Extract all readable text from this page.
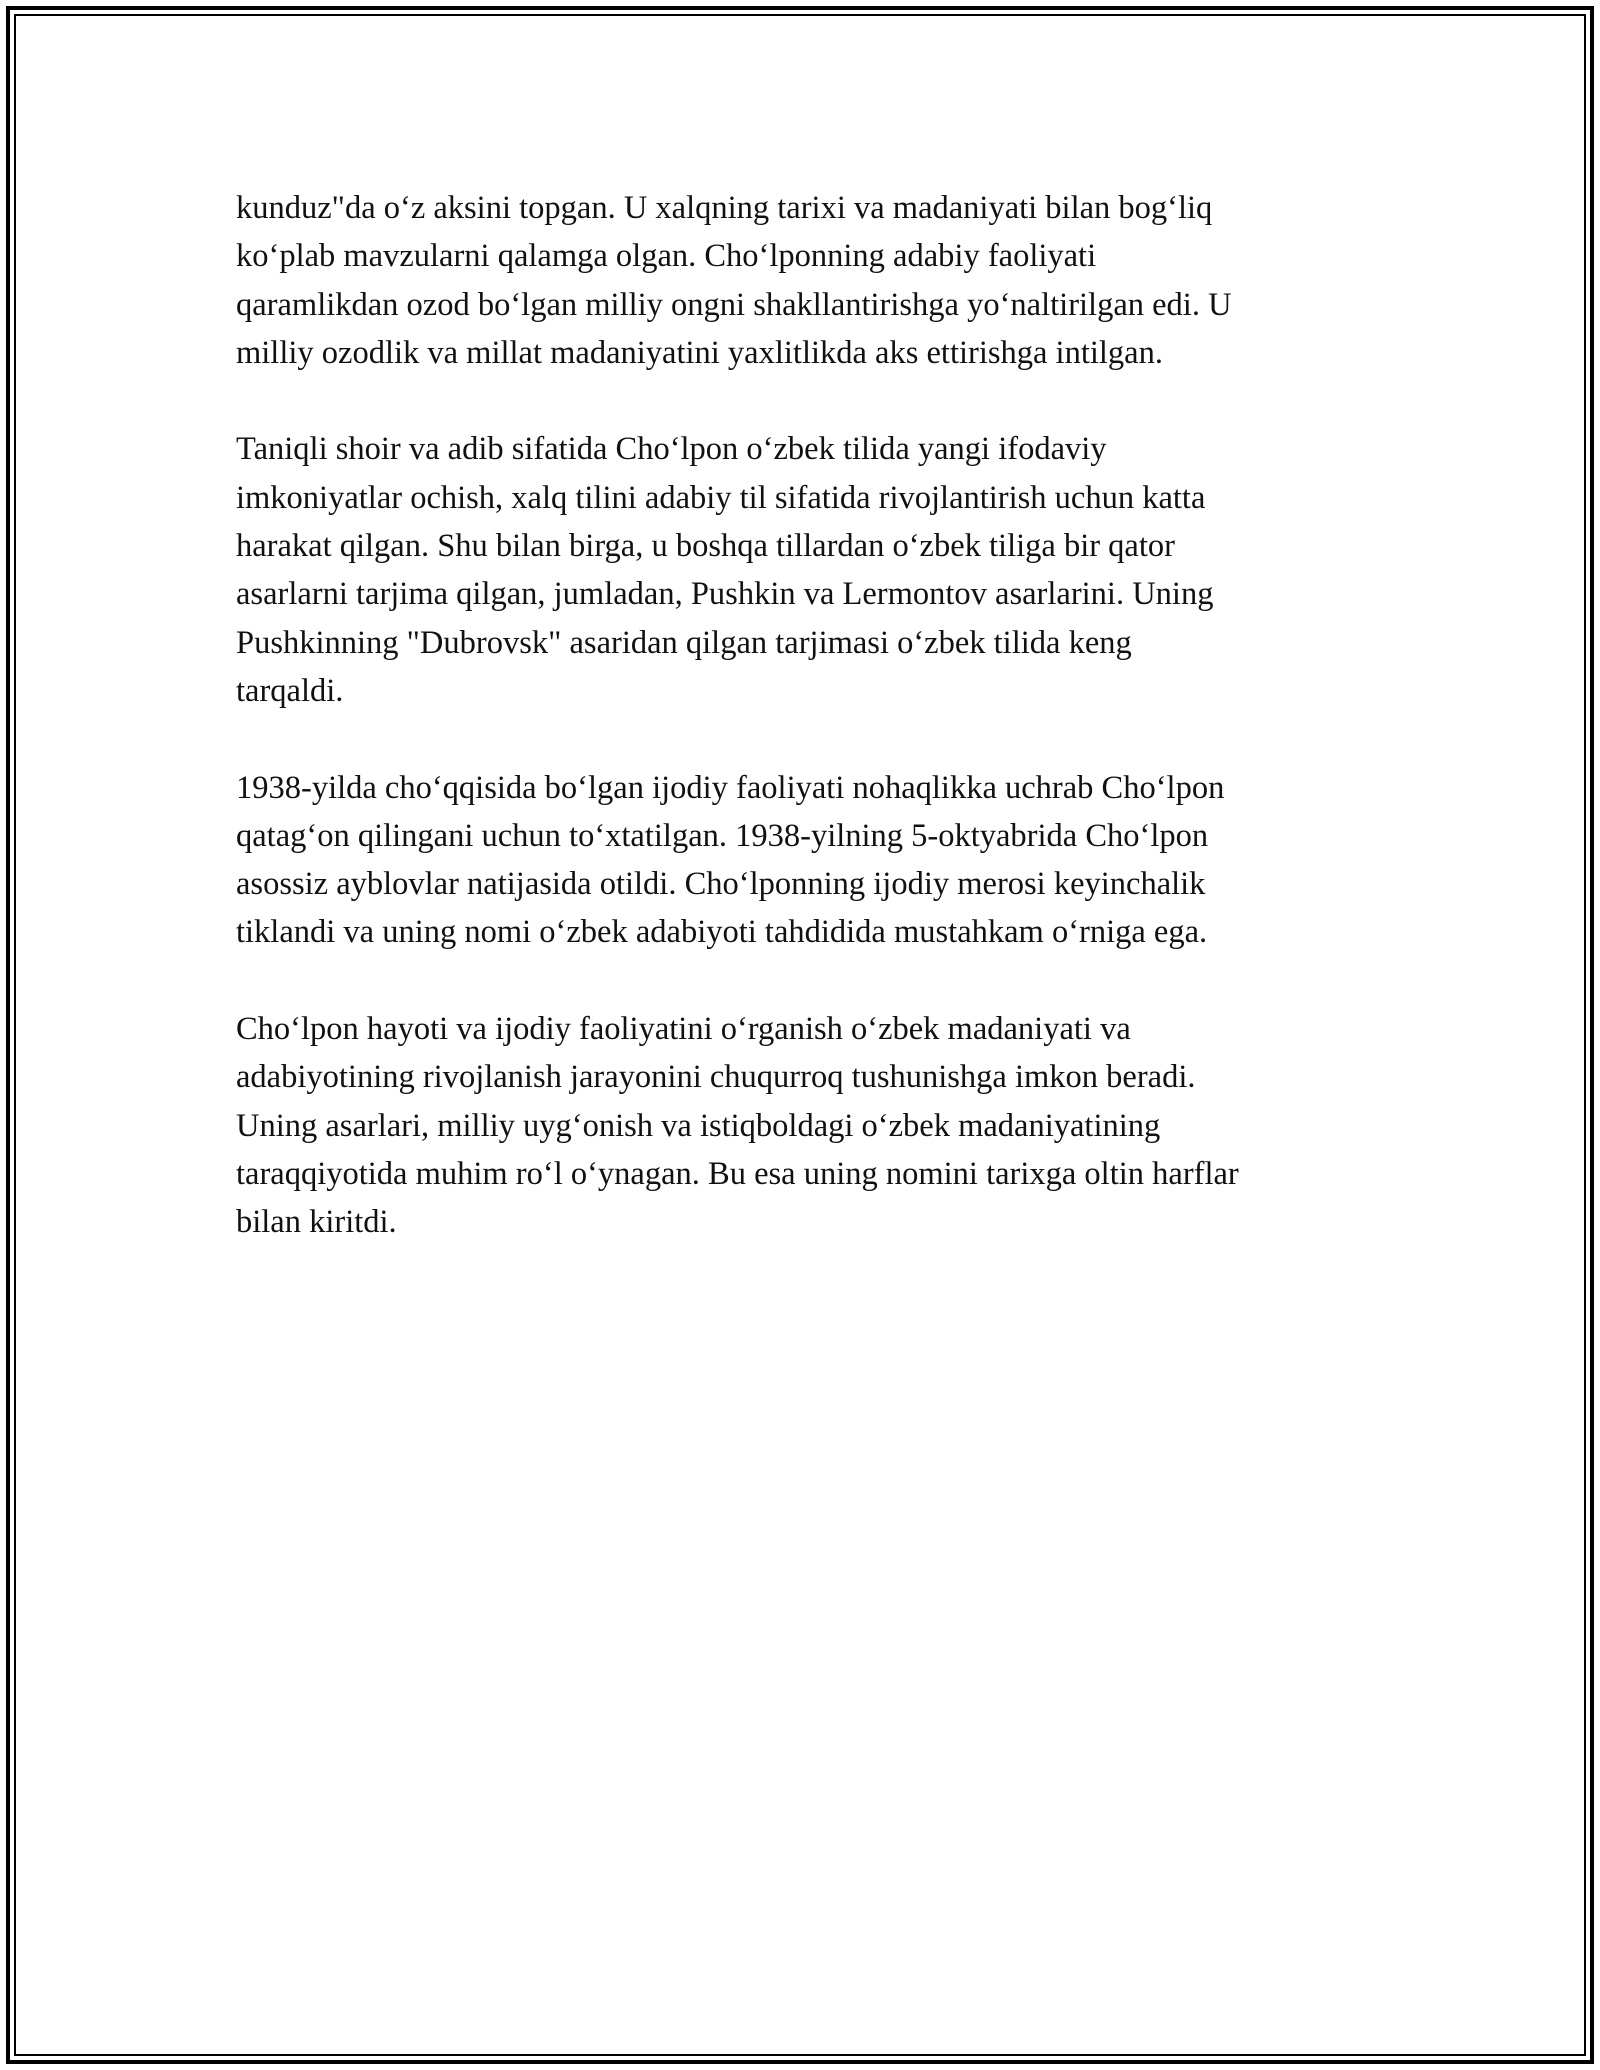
kunduz"da o‘z aksini topgan. U xalqning tarixi va madaniyati bilan bog‘liq
ko‘plab mavzularni qalamga olgan. Cho‘lponning adabiy faoliyati
qaramlikdan ozod bo‘lgan milliy ongni shakllantirishga yo‘naltirilgan edi. U
milliy ozodlik va millat madaniyatini yaxlitlikda aks ettirishga intilgan.

Taniqli shoir va adib sifatida Cho‘lpon o‘zbek tilida yangi ifodaviy
imkoniyatlar ochish, xalq tilini adabiy til sifatida rivojlantirish uchun katta
harakat qilgan. Shu bilan birga, u boshqa tillardan o‘zbek tiliga bir qator
asarlarni tarjima qilgan, jumladan, Pushkin va Lermontov asarlarini. Uning
Pushkinning "Dubrovsk" asaridan qilgan tarjimasi o‘zbek tilida keng
tarqaldi.

1938-yilda cho‘qqisida bo‘lgan ijodiy faoliyati nohaqlikka uchrab Cho‘lpon
qatag‘on qilingani uchun to‘xtatilgan. 1938-yilning 5-oktyabrida Cho‘lpon
asossiz ayblovlar natijasida otildi. Cho‘lponning ijodiy merosi keyinchalik
tiklandi va uning nomi o‘zbek adabiyoti tahdidida mustahkam o‘rniga ega.

Cho‘lpon hayoti va ijodiy faoliyatini o‘rganish o‘zbek madaniyati va
adabiyotining rivojlanish jarayonini chuqurroq tushunishga imkon beradi.
Uning asarlari, milliy uyg‘onish va istiqboldagi o‘zbek madaniyatining
taraqqiyotida muhim ro‘l o‘ynagan. Bu esa uning nomini tarixga oltin harflar
bilan kiritdi.
